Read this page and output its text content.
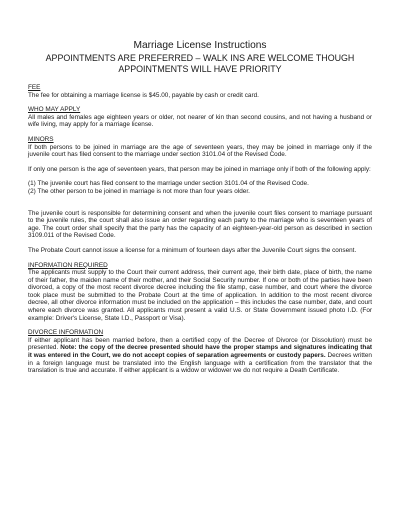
Marriage License Instructions
APPOINTMENTS ARE PREFERRED – WALK INS ARE WELCOME THOUGH
APPOINTMENTS WILL HAVE PRIORITY
FEE

The fee for obtaining a marriage license is $45.00, payable by cash or credit card.

WHO MAY APPLY

All males and females age eighteen years or older, not nearer of kin than second cousins, and not having a husband or wife living, may apply for a marriage license.

MINORS

If both persons to be joined in marriage are the age of seventeen years, they may be joined in marriage only if the juvenile court has filed consent to the marriage under section 3101.04 of the Revised Code.

If only one person is the age of seventeen years, that person may be joined in marriage only if both of the following apply:

(1) The juvenile court has filed consent to the marriage under section 3101.04 of the Revised Code.

(2) The other person to be joined in marriage is not more than four years older.

The juvenile court is responsible for determining consent and when the juvenile court files consent to marriage pursuant to the juvenile rules, the court shall also issue an order regarding each party to the marriage who is seventeen years of age. The court order shall specify that the party has the capacity of an eighteen-year-old person as described in section 3109.011 of the Revised Code.

The Probate Court cannot issue a license for a minimum of fourteen days after the Juvenile Court signs the consent.

INFORMATION REQUIRED

The applicants must supply to the Court their current address, their current age, their birth date, place of birth, the name of their father, the maiden name of their mother, and their Social Security number. If one or both of the parties have been divorced, a copy of the most recent divorce decree including the file stamp, case number, and court where the divorce took place must be submitted to the Probate Court at the time of application. In addition to the most recent divorce decree, all other divorce information must be included on the application – this includes the case number, date, and court where each divorce was granted. All applicants must present a valid U.S. or State Government issued photo I.D. (For example: Driver's License, State I.D., Passport or Visa).

DIVORCE INFORMATION

If either applicant has been married before, then a certified copy of the Decree of Divorce (or Dissolution) must be presented. Note: the copy of the decree presented should have the proper stamps and signatures indicating that it was entered in the Court, we do not accept copies of separation agreements or custody papers. Decrees written in a foreign language must be translated into the English language with a certification from the translator that the translation is true and accurate. If either applicant is a widow or widower we do not require a Death Certificate.
